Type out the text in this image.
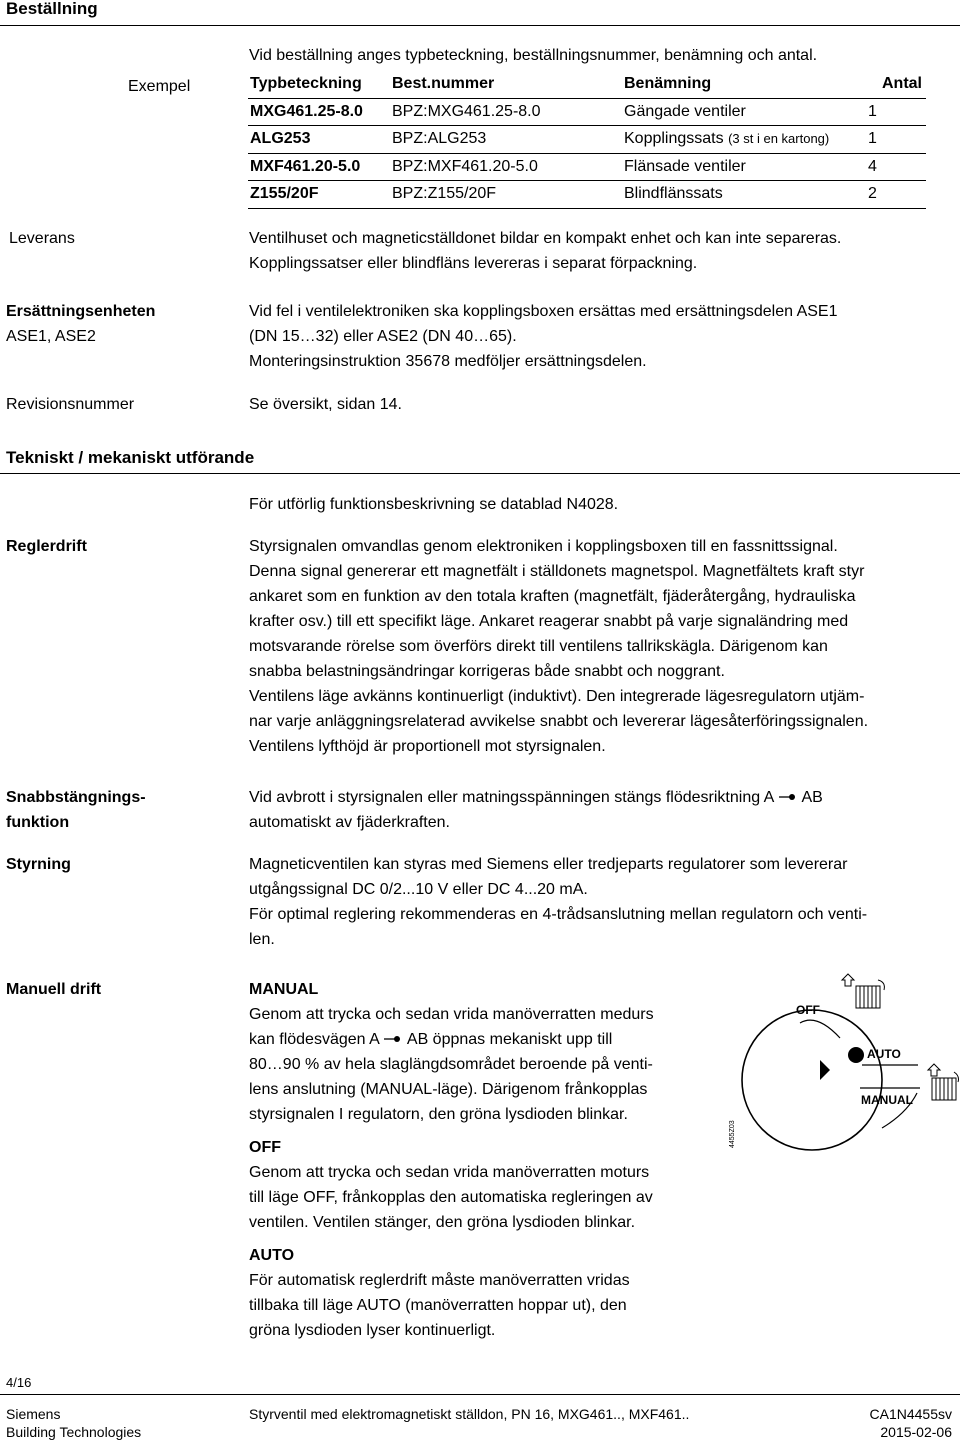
Beställning
Vid beställning anges typbeteckning, beställningsnummer, benämning och antal.
Exempel	Typbeteckning	Best.nummer	Benämning	Antal
MXG461.25-8.0	BPZ:MXG461.25-8.0	Gängade ventiler	1
ALG253	BPZ:ALG253	Kopplingssats (3 st i en kartong)	1
MXF461.20-5.0	BPZ:MXF461.20-5.0	Flänsade ventiler	4
Z155/20F	BPZ:Z155/20F	Blindflänssats	2
Leverans	Ventilhuset och magneticställdonet bildar en kompakt enhet och kan inte separeras.
Kopplingssatser eller blindfläns levereras i separat förpackning.
Ersättningsenheten
ASE1, ASE2
Vid fel i ventilelektroniken ska kopplingsboxen ersättas med ersättningsdelen ASE1
(DN 15…32) eller ASE2 (DN 40…65).
Monteringsinstruktion 35678 medföljer ersättningsdelen.
Revisionsnummer	Se översikt, sidan 14.
Tekniskt / mekaniskt utförande
För utförlig funktionsbeskrivning se datablad N4028.
Reglerdrift	Styrsignalen omvandlas genom elektroniken i kopplingsboxen till en fassnittssignal.
Denna signal genererar ett magnetfält i ställdonets magnetspol. Magnetfältets kraft styr
ankaret som en funktion av den totala kraften (magnetfält, fjäderåtergång, hydrauliska
krafter osv.) till ett specifikt läge. Ankaret reagerar snabbt på varje signaländring med
motsvarande rörelse som överförs direkt till ventilens tallrikskägla. Därigenom kan
snabba belastningsändringar korrigeras både snabbt och noggrant.
Ventilens läge avkänns kontinuerligt (induktivt). Den integrerade lägesregulatorn utjäm-
nar varje anläggningsrelaterad avvikelse snabbt och levererar lägesåterföringssignalen.
Ventilens lyfthöjd är proportionell mot styrsignalen.
Snabbstängnings-
funktion
Vid avbrott i styrsignalen eller matningsspänningen stängs flödesriktning A  AB
automatiskt av fjäderkraften.
Styrning	Magneticventilen kan styras med Siemens eller tredjeparts regulatorer som levererar
utgångssignal DC 0/2...10 V eller DC 4...20 mA.
För optimal reglering rekommenderas en 4-trådsanslutning mellan regulatorn och venti-
len.
Manuell drift	MANUAL
Genom att trycka och sedan vrida manöverratten medurs
kan flödesvägen A  AB öppnas mekaniskt upp till
80…90 % av hela slaglängdsområdet beroende på venti-
lens anslutning (MANUAL-läge). Därigenom frånkopplas
styrsignalen I regulatorn, den gröna lysdioden blinkar.
OFF
Genom att trycka och sedan vrida manöverratten moturs
till läge OFF, frånkopplas den automatiska regleringen av
ventilen. Ventilen stänger, den gröna lysdioden blinkar.
AUTO
För automatisk reglerdrift måste manöverratten vridas
tillbaka till läge AUTO (manöverratten hoppar ut), den
gröna lysdioden lyser kontinuerligt.
OFF
AUTO
MANUAL
4455Z03
4/16
Siemens
Building Technologies
Styrventil med elektromagnetiskt ställdon, PN 16, MXG461.., MXF461..	CA1N4455sv
2015-02-06
